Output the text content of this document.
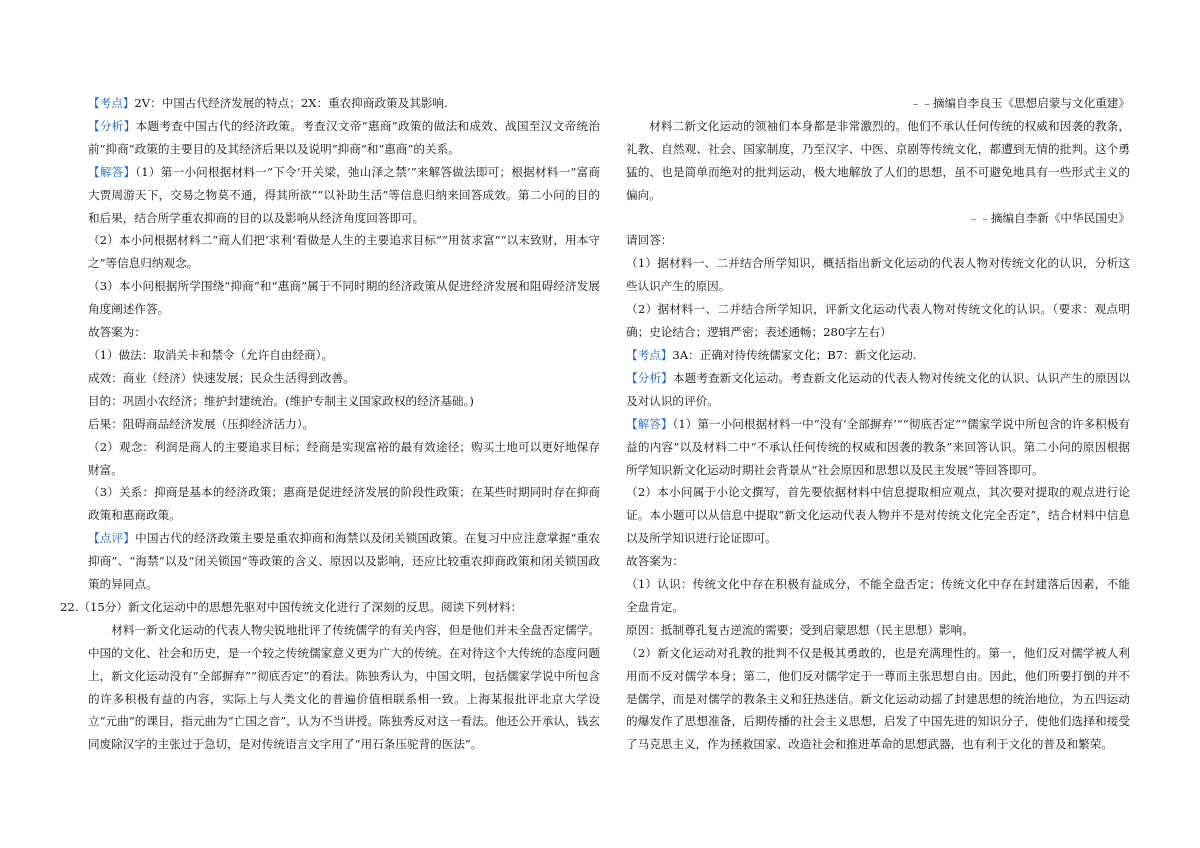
【考点】2V：中国古代经济发展的特点；2X：重农抑商政策及其影响.

【分析】本题考查中国古代的经济政策。考查汉文帝“惠商”政策的做法和成效、战国至汉文帝统治前“抑商”政策的主要目的及其经济后果以及说明“抑商”和“惠商”的关系。

【解答】（1）第一小问根据材料一“下令‘开关梁，弛山泽之禁’”来解答做法即可；根据材料一“富商大贾周游天下，交易之物莫不通，得其所欲”“以补助生活”等信息归纳来回答成效。第二小问的目的和后果，结合所学重农抑商的目的以及影响从经济角度回答即可。

（2）本小问根据材料二“商人们把‘求利’看做是人生的主要追求目标”“用贫求富”“以末致财，用本守之”等信息归纳观念。

（3）本小问根据所学围绕“抑商”和“惠商”属于不同时期的经济政策从促进经济发展和阻碍经济发展角度阐述作答。

故答案为：

（1）做法：取消关卡和禁令（允许自由经商）。

成效：商业（经济）快速发展；民众生活得到改善。

目的：巩固小农经济；维护封建统治。(维护专制主义国家政权的经济基础。)

后果：阻碍商品经济发展（压抑经济活力）。

（2）观念：利润是商人的主要追求目标；经商是实现富裕的最有效途径；购买土地可以更好地保存财富。

（3）关系：抑商是基本的经济政策；惠商是促进经济发展的阶段性政策；在某些时期同时存在抑商政策和惠商政策。

【点评】中国古代的经济政策主要是重农抑商和海禁以及闭关锁国政策。在复习中应注意掌握“重农抑商”、“海禁”以及“闭关锁国”等政策的含义、原因以及影响，还应比较重农抑商政策和闭关锁国政策的异同点。

22.（15分）新文化运动中的思想先驱对中国传统文化进行了深刻的反思。阅读下列材料：

材料一新文化运动的代表人物尖锐地批评了传统儒学的有关内容，但是他们并未全盘否定儒学。中国的文化、社会和历史，是一个较之传统儒家意义更为广大的传统。在对待这个大传统的态度问题上，新文化运动没有“全部摒弃”“彻底否定”的看法。陈独秀认为，中国文明，包括儒家学说中所包含的许多积极有益的内容，实际上与人类文化的普遍价值相联系相一致。上海某报批评北京大学设立“元曲”的课目，指元曲为“亡国之音”，认为不当讲授。陈独秀反对这一看法。他还公开承认，钱玄同废除汉字的主张过于急切，是对传统语言文字用了“用石条压驼背的医法”。

﹣﹣摘编自李良玉《思想启蒙与文化重建》

材料二新文化运动的领袖们本身都是非常激烈的。他们不承认任何传统的权威和因袭的教条，礼教、自然观、社会、国家制度，乃至汉字、中医、京剧等传统文化，都遭到无情的批判。这个勇猛的、也是简单而绝对的批判运动，极大地解放了人们的思想，虽不可避免地具有一些形式主义的偏向。

﹣﹣摘编自李新《中华民国史》

请回答：

（1）据材料一、二并结合所学知识，概括指出新文化运动的代表人物对传统文化的认识，分析这些认识产生的原因。

（2）据材料一、二并结合所学知识，评新文化运动代表人物对传统文化的认识。（要求：观点明确；史论结合；逻辑严密；表述通畅；280字左右）

【考点】3A：正确对待传统儒家文化；B7：新文化运动.

【分析】本题考查新文化运动。考查新文化运动的代表人物对传统文化的认识、认识产生的原因以及对认识的评价。

【解答】（1）第一小问根据材料一中“没有‘全部摒弃’”“彻底否定”“儒家学说中所包含的许多积极有益的内容”以及材料二中“不承认任何传统的权威和因袭的教条”来回答认识。第二小问的原因根据所学知识新文化运动时期社会背景从“社会原因和思想以及民主发展”等回答即可。

（2）本小问属于小论文撰写，首先要依据材料中信息提取相应观点，其次要对提取的观点进行论证。本小题可以从信息中提取“新文化运动代表人物并不是对传统文化完全否定”，结合材料中信息以及所学知识进行论证即可。

故答案为：

（1）认识：传统文化中存在积极有益成分，不能全盘否定；传统文化中存在封建落后因素，不能全盘肯定。

原因：抵制尊孔复古逆流的需要；受到启蒙思想（民主思想）影响。

（2）新文化运动对孔教的批判不仅是极其勇敢的，也是充满理性的。第一，他们反对儒学被人利用而不反对儒学本身；第二，他们反对儒学定于一尊而主张思想自由。因此，他们所要打倒的并不是儒学，而是对儒学的教条主义和狂热迷信。新文化运动动摇了封建思想的统治地位，为五四运动的爆发作了思想准备，后期传播的社会主义思想，启发了中国先进的知识分子，使他们选择和接受了马克思主义，作为拯救国家、改造社会和推进革命的思想武器，也有利于文化的普及和繁荣。
